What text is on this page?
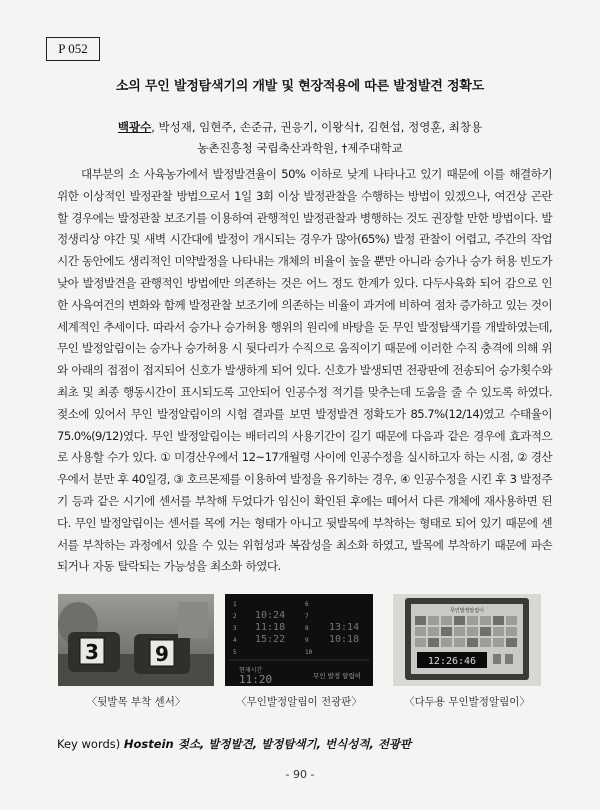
P 052
소의 무인 발정탐색기의 개발 및 현장적용에 따른 발정발견 정확도
백광수, 박성재, 임현주, 손준규, 권응기, 이왕식†, 김현섭, 정영훈, 최창용
농촌진흥청 국립축산과학원, †제주대학교

대부분의 소 사육농가에서 발정발견율이 50% 이하로 낮게 나타나고 있기 때문에 이를 해결하기 위한 이상적인 발정관찰 방법으로서 1일 3회 이상 발정관찰을 수행하는 방법이 있겠으나, 여건상 곤란할 경우에는 발정관찰 보조기를 이용하여 관행적인 발정관찰과 병행하는 것도 권장할 만한 방법이다. 발정생리상 야간 및 새벽 시간대에 발정이 개시되는 경우가 많아(65%) 발정 관찰이 어렵고, 주간의 작업시간 동안에도 생리적인 미약발정을 나타내는 개체의 비율이 높을 뿐만 아니라 승가나 승가 허용 빈도가 낮아 발정발견을 관행적인 방법에만 의존하는 것은 어느 정도 한계가 있다. 다두사육화 되어 감으로 인한 사육여건의 변화와 함께 발정관찰 보조기에 의존하는 비율이 과거에 비하여 점차 증가하고 있는 것이 세계적인 추세이다. 따라서 승가나 승가허용 행위의 원리에 바탕을 둔 무인 발정탐색기를 개발하였는데, 무인 발정알림이는 승가나 승가허용 시 뒷다리가 수직으로 움직이기 때문에 이러한 수직 충격에 의해 위와 아래의 접점이 접지되어 신호가 발생하게 되어 있다. 신호가 발생되면 전광판에 전송되어 승가횟수와 최초 및 최종 행동시간이 표시되도록 고안되어 인공수정 적기를 맞추는데 도움을 줄 수 있도록 하였다. 젖소에 있어서 무인 발정알림이의 시험 결과를 보면 발정발견 정확도가 85.7%(12/14)였고 수태율이 75.0%(9/12)였다. 무인 발정알림이는 배터리의 사용기간이 길기 때문에 다음과 같은 경우에 효과적으로 사용할 수가 있다. ① 미경산우에서 12~17개월령 사이에 인공수정을 실시하고자 하는 시점, ② 경산우에서 분만 후 40일경, ③ 호르몬제를 이용하여 발정을 유기하는 경우, ④ 인공수정을 시킨 후 3 발정주기 등과 같은 시기에 센서를 부착해 두었다가 임신이 확인된 후에는 떼어서 다른 개체에 재사용하면 된다. 무인 발정알림이는 센서를 목에 거는 형태가 아니고 뒷발목에 부착하는 형태로 되어 있기 때문에 센서를 부착하는 과정에서 있을 수 있는 위험성과 복잡성을 최소화 하였고, 발목에 부착하기 때문에 파손되거나 자동 탈락되는 가능성을 최소화 하였다.

3	9
1	6
2 10:24	7
3 11:18	8 13:14
4 15:22	9 10:18
5	10
현재시간
11:20	무인 발정 알림이
무인발정알림이
12:26:46
〈뒷발목 부착 센서〉	〈무인발정알림이 전광판〉	〈다두용 무인발정알림이〉
Key words) Hostein 젖소, 발정발견, 발정탐색기, 번식성적, 전광판
- 90 -
